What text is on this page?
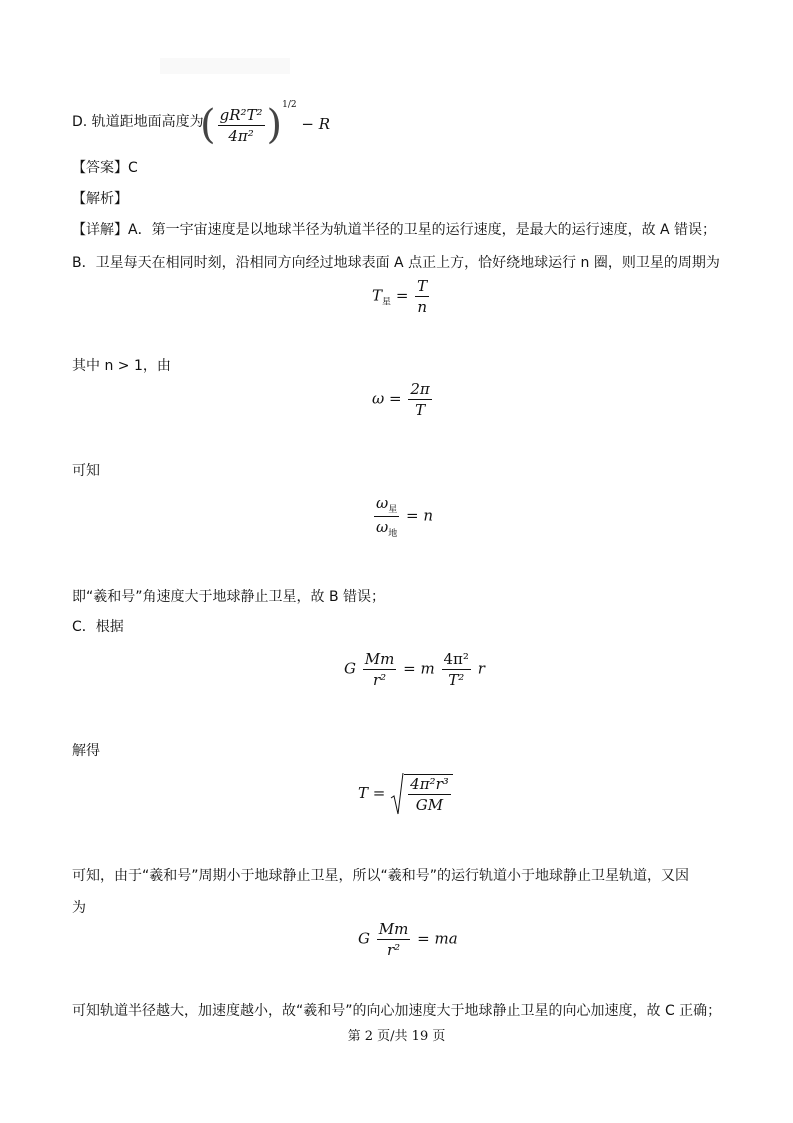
D. 轨道距地面高度为
( $\frac{\text{gR²T²}}{\text{4π²}} )^{1/2} - R$
【答案】C
【解析】
【详解】A．第一宇宙速度是以地球半径为轨道半径的卫星的运行速度，是最大的运行速度，故 A 错误；
B．卫星每天在相同时刻，沿相同方向经过地球表面 A 点正上方，恰好绕地球运行 n 圈，则卫星的周期为
$T_星 = \frac{T}{n}$
其中 n > 1，由
$\omega = \frac{2\pi}{T}$
可知
$\frac{\omega_星}{\omega_地} = n$
即“羲和号”角速度大于地球静止卫星，故 B 错误；
C．根据
G $\frac{Mm}{\text{r²}} = m \frac{\text{4π²}}{\text{T²}}$ r
解得
$T = \frac{\text{4π²r³}}{GM}$
可知，由于“羲和号”周期小于地球静止卫星，所以“羲和号”的运行轨道小于地球静止卫星轨道，又因
为
G $\frac{Mm}{\text{r²}}$ = ma
可知轨道半径越大，加速度越小，故“羲和号”的向心加速度大于地球静止卫星的向心加速度，故 C 正确；
第 2 页/共 19 页
